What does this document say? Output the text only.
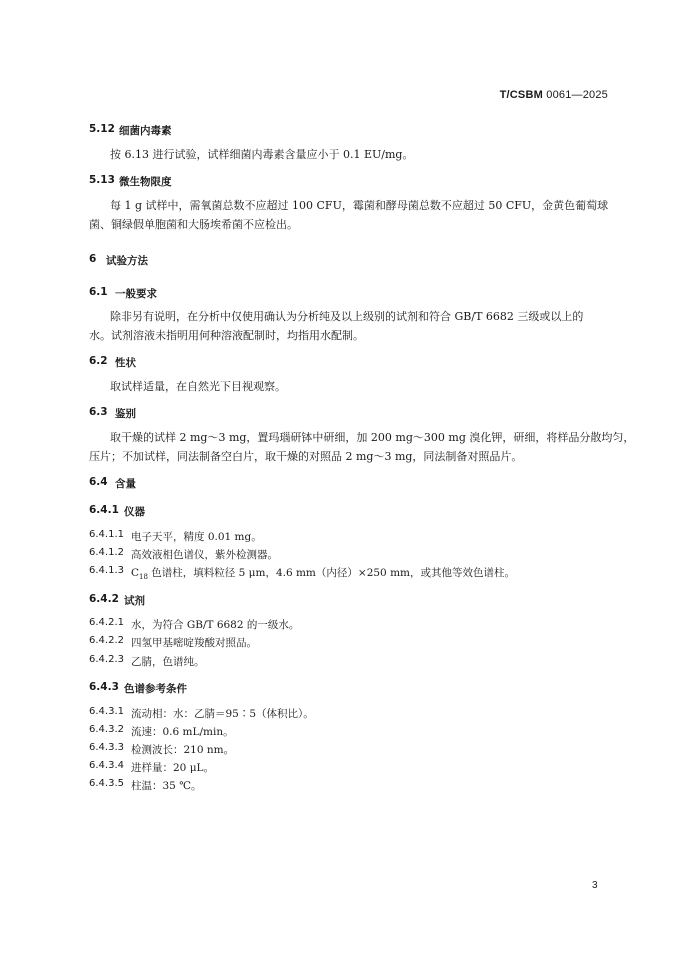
T/CSBM 0061—2025
5.12 细菌内毒素
按 6.13 进行试验，试样细菌内毒素含量应小于 0.1 EU/mg。
5.13 微生物限度
每 1 g 试样中，需氧菌总数不应超过 100 CFU，霉菌和酵母菌总数不应超过 50 CFU，金黄色葡萄球
菌、铜绿假单胞菌和大肠埃希菌不应检出。
6 试验方法
6.1 一般要求
除非另有说明，在分析中仅使用确认为分析纯及以上级别的试剂和符合 GB/T 6682 三级或以上的
水。试剂溶液未指明用何种溶液配制时，均指用水配制。
6.2 性状
取试样适量，在自然光下目视观察。
6.3 鉴别
取干燥的试样 2 mg～3 mg，置玛瑙研钵中研细，加 200 mg～300 mg 溴化钾，研细，将样品分散均匀，
压片；不加试样，同法制备空白片，取干燥的对照品 2 mg～3 mg，同法制备对照品片。
6.4 含量
6.4.1 仪器
6.4.1.1 电子天平，精度 0.01 mg。
6.4.1.2 高效液相色谱仪，紫外检测器。
6.4.1.3 $C_{18}$ 色谱柱，填料粒径 5 μm，4.6 mm（内径）×250 mm，或其他等效色谱柱。
6.4.2 试剂
6.4.2.1 水，为符合 GB/T 6682 的一级水。
6.4.2.2 四氢甲基嘧啶羧酸对照品。
6.4.2.3 乙腈，色谱纯。
6.4.3 色谱参考条件
6.4.3.1 流动相：水：乙腈＝95∶5（体积比）。
6.4.3.2 流速：0.6 mL/min。
6.4.3.3 检测波长：210 nm。
6.4.3.4 进样量：20 μL。
6.4.3.5 柱温：35 ℃。
3
